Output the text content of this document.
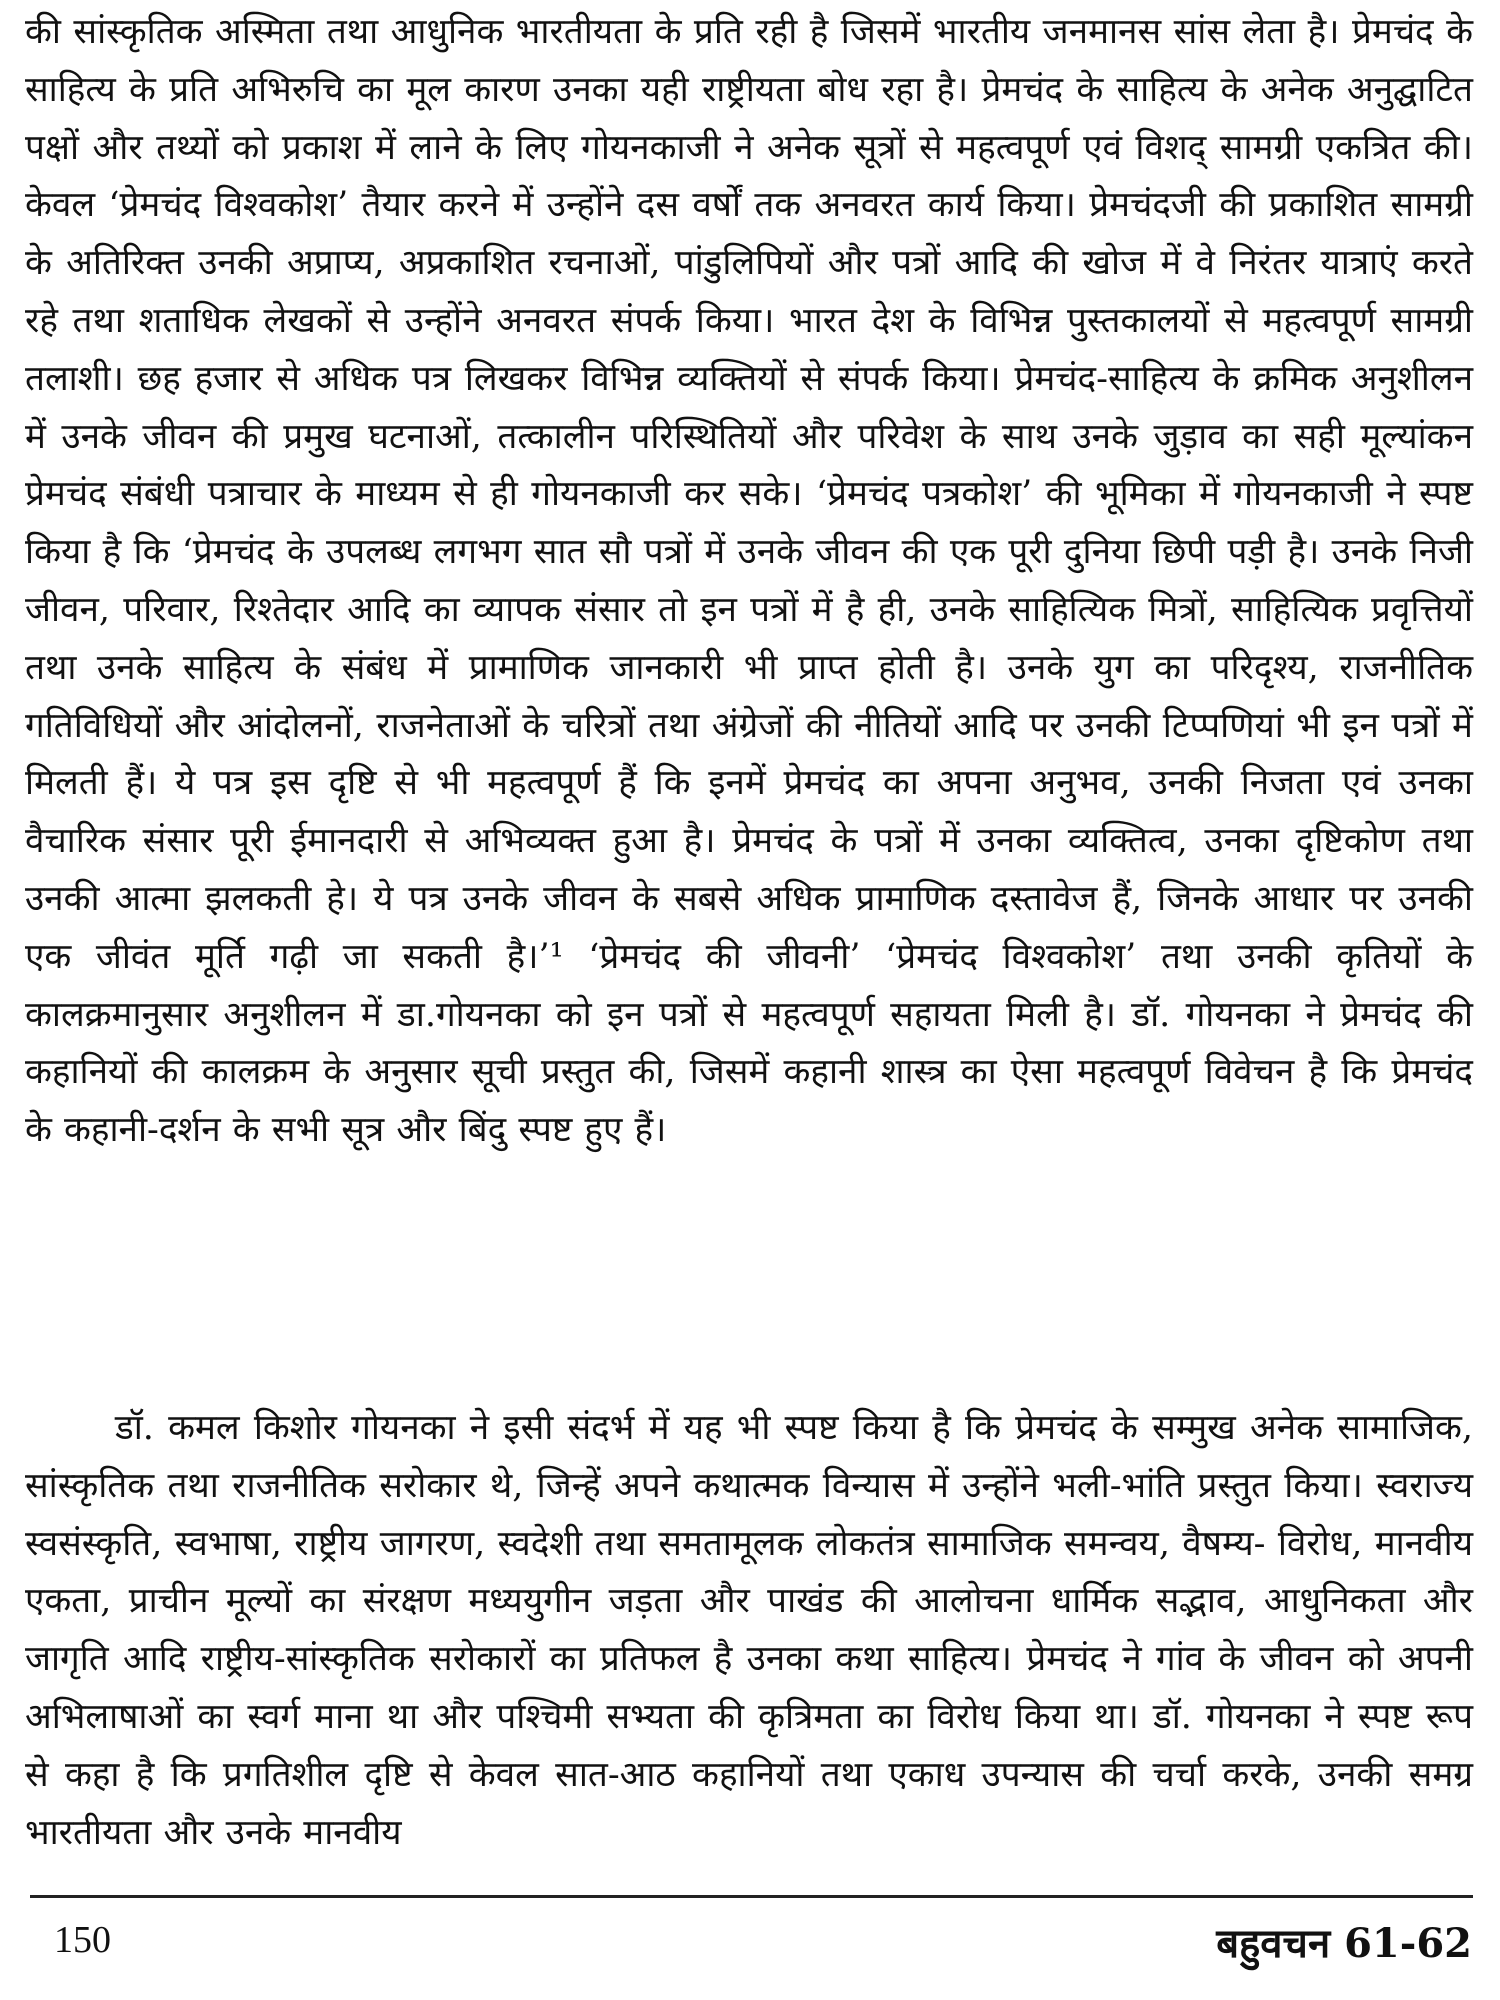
की सांस्कृतिक अस्मिता तथा आधुनिक भारतीयता के प्रति रही है जिसमें भारतीय जनमानस सांस लेता है। प्रेमचंद के साहित्य के प्रति अभिरुचि का मूल कारण उनका यही राष्ट्रीयता बोध रहा है। प्रेमचंद के साहित्य के अनेक अनुद्घाटित पक्षों और तथ्यों को प्रकाश में लाने के लिए गोयनकाजी ने अनेक सूत्रों से महत्वपूर्ण एवं विशद् सामग्री एकत्रित की। केवल ‘प्रेमचंद विश्वकोश’ तैयार करने में उन्होंने दस वर्षों तक अनवरत कार्य किया। प्रेमचंदजी की प्रकाशित सामग्री के अतिरिक्त उनकी अप्राप्य, अप्रकाशित रचनाओं, पांडुलिपियों और पत्रों आदि की खोज में वे निरंतर यात्राएं करते रहे तथा शताधिक लेखकों से उन्होंने अनवरत संपर्क किया। भारत देश के विभिन्न पुस्तकालयों से महत्वपूर्ण सामग्री तलाशी। छह हजार से अधिक पत्र लिखकर विभिन्न व्यक्तियों से संपर्क किया। प्रेमचंद-साहित्य के क्रमिक अनुशीलन में उनके जीवन की प्रमुख घटनाओं, तत्कालीन परिस्थितियों और परिवेश के साथ उनके जुड़ाव का सही मूल्यांकन प्रेमचंद संबंधी पत्राचार के माध्यम से ही गोयनकाजी कर सके। ‘प्रेमचंद पत्रकोश’ की भूमिका में गोयनकाजी ने स्पष्ट किया है कि ‘प्रेमचंद के उपलब्ध लगभग सात सौ पत्रों में उनके जीवन की एक पूरी दुनिया छिपी पड़ी है। उनके निजी जीवन, परिवार, रिश्तेदार आदि का व्यापक संसार तो इन पत्रों में है ही, उनके साहित्यिक मित्रों, साहित्यिक प्रवृत्तियों तथा उनके साहित्य के संबंध में प्रामाणिक जानकारी भी प्राप्त होती है। उनके युग का परिदृश्य, राजनीतिक गतिविधियों और आंदोलनों, राजनेताओं के चरित्रों तथा अंग्रेजों की नीतियों आदि पर उनकी टिप्पणियां भी इन पत्रों में मिलती हैं। ये पत्र इस दृष्टि से भी महत्वपूर्ण हैं कि इनमें प्रेमचंद का अपना अनुभव, उनकी निजता एवं उनका वैचारिक संसार पूरी ईमानदारी से अभिव्यक्त हुआ है। प्रेमचंद के पत्रों में उनका व्यक्तित्व, उनका दृष्टिकोण तथा उनकी आत्मा झलकती हे। ये पत्र उनके जीवन के सबसे अधिक प्रामाणिक दस्तावेज हैं, जिनके आधार पर उनकी एक जीवंत मूर्ति गढ़ी जा सकती है।’¹ ‘प्रेमचंद की जीवनी’ ‘प्रेमचंद विश्वकोश’ तथा उनकी कृतियों के कालक्रमानुसार अनुशीलन में डा.गोयनका को इन पत्रों से महत्वपूर्ण सहायता मिली है। डॉ. गोयनका ने प्रेमचंद की कहानियों की कालक्रम के अनुसार सूची प्रस्तुत की, जिसमें कहानी शास्त्र का ऐसा महत्वपूर्ण विवेचन है कि प्रेमचंद के कहानी-दर्शन के सभी सूत्र और बिंदु स्पष्ट हुए हैं।

डॉ. कमल किशोर गोयनका ने इसी संदर्भ में यह भी स्पष्ट किया है कि प्रेमचंद के सम्मुख अनेक सामाजिक, सांस्कृतिक तथा राजनीतिक सरोकार थे, जिन्हें अपने कथात्मक विन्यास में उन्होंने भली-भांति प्रस्तुत किया। स्वराज्य स्वसंस्कृति, स्वभाषा, राष्ट्रीय जागरण, स्वदेशी तथा समतामूलक लोकतंत्र सामाजिक समन्वय, वैषम्य- विरोध, मानवीय एकता, प्राचीन मूल्यों का संरक्षण मध्ययुगीन जड़ता और पाखंड की आलोचना धार्मिक सद्भाव, आधुनिकता और जागृति आदि राष्ट्रीय-सांस्कृतिक सरोकारों का प्रतिफल है उनका कथा साहित्य। प्रेमचंद ने गांव के जीवन को अपनी अभिलाषाओं का स्वर्ग माना था और पश्चिमी सभ्यता की कृत्रिमता का विरोध किया था। डॉ. गोयनका ने स्पष्ट रूप से कहा है कि प्रगतिशील दृष्टि से केवल सात-आठ कहानियों तथा एकाध उपन्यास की चर्चा करके, उनकी समग्र भारतीयता और उनके मानवीय

150	बहुवचन 61-62
